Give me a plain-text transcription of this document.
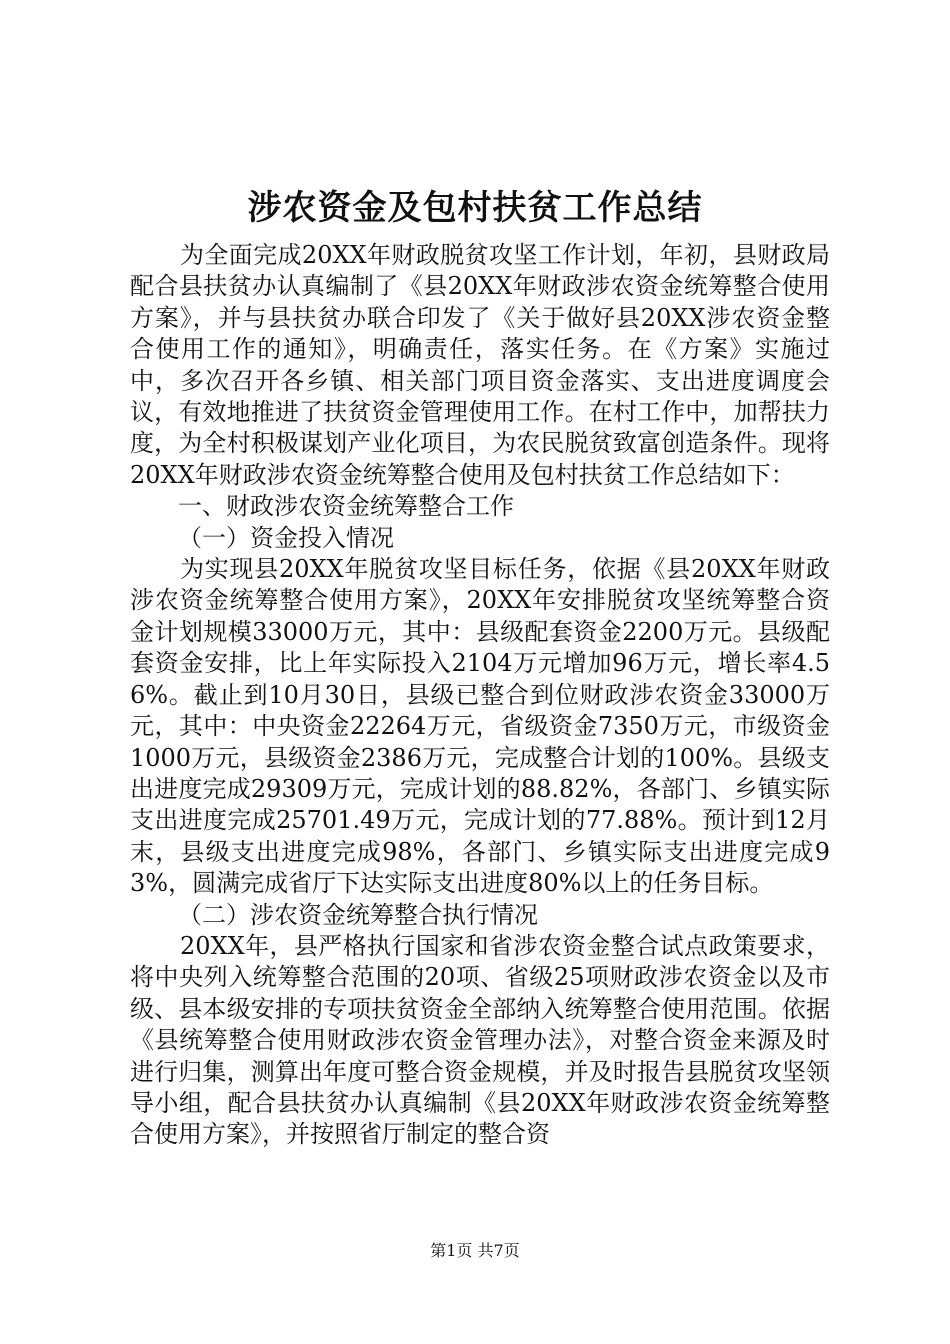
涉农资金及包村扶贫工作总结

为全面完成20XX年财政脱贫攻坚工作计划，年初，县财政局配合县扶贫办认真编制了《县20XX年财政涉农资金统筹整合使用方案》，并与县扶贫办联合印发了《关于做好县20XX涉农资金整合使用工作的通知》，明确责任，落实任务。在《方案》实施过中，多次召开各乡镇、相关部门项目资金落实、支出进度调度会议，有效地推进了扶贫资金管理使用工作。在村工作中，加帮扶力度，为全村积极谋划产业化项目，为农民脱贫致富创造条件。现将20XX年财政涉农资金统筹整合使用及包村扶贫工作总结如下：

一、财政涉农资金统筹整合工作

（一）资金投入情况

为实现县20XX年脱贫攻坚目标任务，依据《县20XX年财政涉农资金统筹整合使用方案》，20XX年安排脱贫攻坚统筹整合资金计划规模33000万元，其中：县级配套资金2200万元。县级配套资金安排，比上年实际投入2104万元增加96万元，增长率4.56%。截止到10月30日，县级已整合到位财政涉农资金33000万元，其中：中央资金22264万元，省级资金7350万元，市级资金1000万元，县级资金2386万元，完成整合计划的100%。县级支出进度完成29309万元，完成计划的88.82%，各部门、乡镇实际支出进度完成25701.49万元，完成计划的77.88%。预计到12月末，县级支出进度完成98%，各部门、乡镇实际支出进度完成93%，圆满完成省厅下达实际支出进度80%以上的任务目标。

（二）涉农资金统筹整合执行情况

20XX年，县严格执行国家和省涉农资金整合试点政策要求，将中央列入统筹整合范围的20项、省级25项财政涉农资金以及市级、县本级安排的专项扶贫资金全部纳入统筹整合使用范围。依据《县统筹整合使用财政涉农资金管理办法》，对整合资金来源及时进行归集，测算出年度可整合资金规模，并及时报告县脱贫攻坚领导小组，配合县扶贫办认真编制《县20XX年财政涉农资金统筹整合使用方案》，并按照省厅制定的整合资

第1页 共7页
